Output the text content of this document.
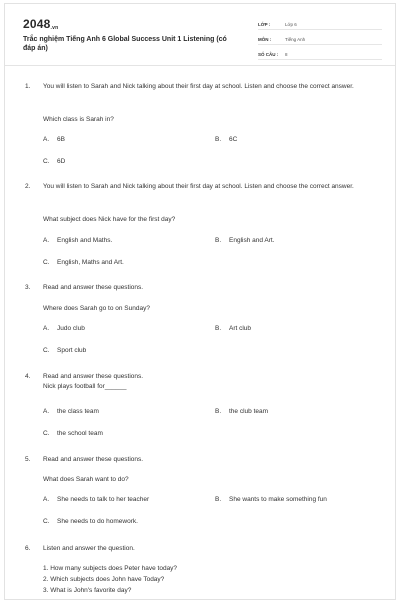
$2048_{.vn}$
Trắc nghiệm Tiếng Anh 6 Global Success Unit 1 Listening (có đáp án)
LỚP :	Lớp 6
MÔN :	Tiếng Anh
SỐ CÂU :	8
1. You will listen to Sarah and Nick talking about their first day at school. Listen and choose the correct answer.
Which class is Sarah in?
A. 6B	B. 6C
C. 6D
2. You will listen to Sarah and Nick talking about their first day at school. Listen and choose the correct answer.
What subject does Nick have for the first day?
A. English and Maths.	B. English and Art.
C. English, Maths and Art.
3. Read and answer these questions.
Where does Sarah go to on Sunday?
A. Judo club	B. Art club
C. Sport club
4. Read and answer these questions.
Nick plays football for______
A. the class team	B. the club team
C. the school team
5. Read and answer these questions.
What does Sarah want to do?
A. She needs to talk to her teacher	B. She wants to make something fun
C. She needs to do homework.
6. Listen and answer the question.
1. How many subjects does Peter have today?
2. Which subjects does John have Today?
3. What is John's favorite day?
